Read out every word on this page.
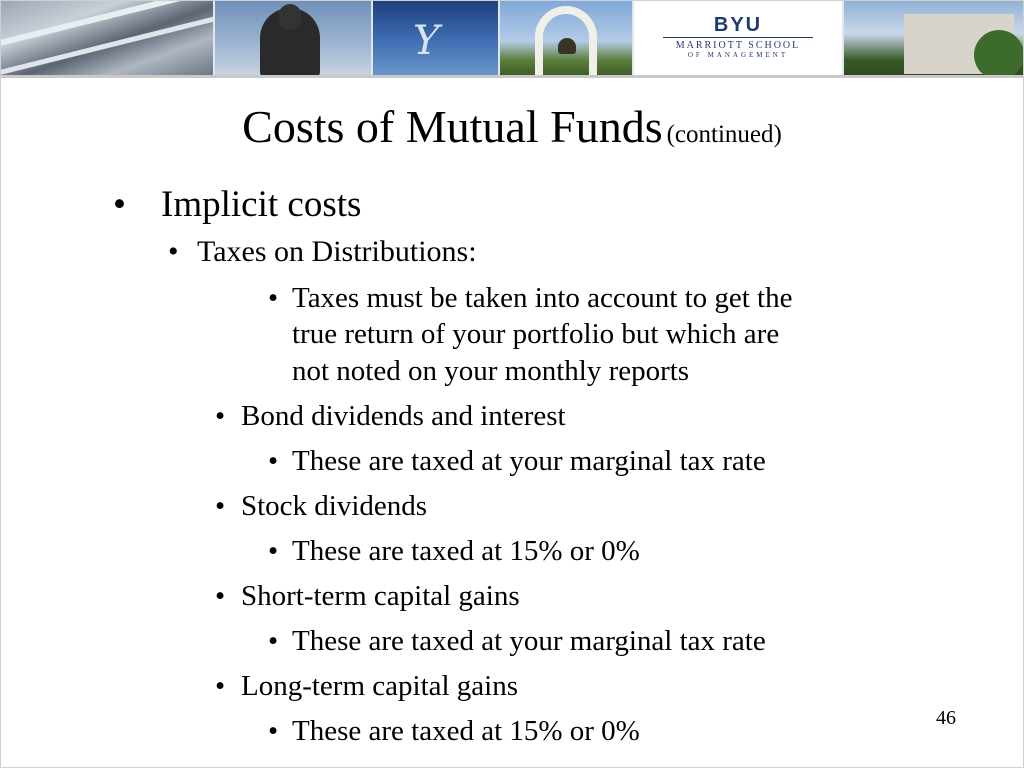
Y	BYU
MARRIOTT SCHOOL
OF MANAGEMENT
Costs of Mutual Funds (continued)
• Implicit costs
• Taxes on Distributions:
• Taxes must be taken into account to get the
true return of your portfolio but which are
not noted on your monthly reports
• Bond dividends and interest
• These are taxed at your marginal tax rate
• Stock dividends
• These are taxed at 15% or 0%
• Short-term capital gains
• These are taxed at your marginal tax rate
• Long-term capital gains
• These are taxed at 15% or 0%	46
